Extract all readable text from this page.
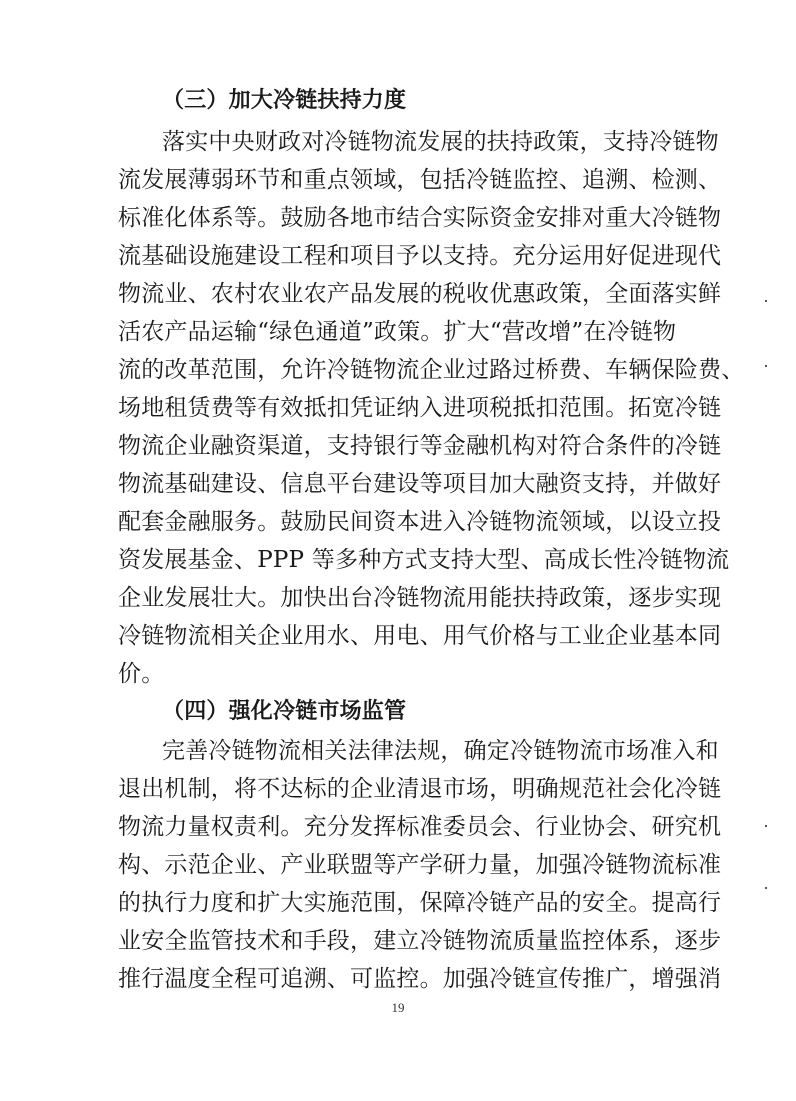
（三）加大冷链扶持力度
落实中央财政对冷链物流发展的扶持政策，支持冷链物
流发展薄弱环节和重点领域，包括冷链监控、追溯、检测、
标准化体系等。鼓励各地市结合实际资金安排对重大冷链物
流基础设施建设工程和项目予以支持。充分运用好促进现代
物流业、农村农业农产品发展的税收优惠政策，全面落实鲜
活农产品运输“绿色通道”政策。扩大“营改增”在冷链物
流的改革范围，允许冷链物流企业过路过桥费、车辆保险费、
场地租赁费等有效抵扣凭证纳入进项税抵扣范围。拓宽冷链
物流企业融资渠道，支持银行等金融机构对符合条件的冷链
物流基础建设、信息平台建设等项目加大融资支持，并做好
配套金融服务。鼓励民间资本进入冷链物流领域，以设立投
资发展基金、PPP 等多种方式支持大型、高成长性冷链物流
企业发展壮大。加快出台冷链物流用能扶持政策，逐步实现
冷链物流相关企业用水、用电、用气价格与工业企业基本同
价。
（四）强化冷链市场监管
完善冷链物流相关法律法规，确定冷链物流市场准入和
退出机制，将不达标的企业清退市场，明确规范社会化冷链
物流力量权责利。充分发挥标准委员会、行业协会、研究机
构、示范企业、产业联盟等产学研力量，加强冷链物流标准
的执行力度和扩大实施范围，保障冷链产品的安全。提高行
业安全监管技术和手段，建立冷链物流质量监控体系，逐步
推行温度全程可追溯、可监控。加强冷链宣传推广，增强消
19
